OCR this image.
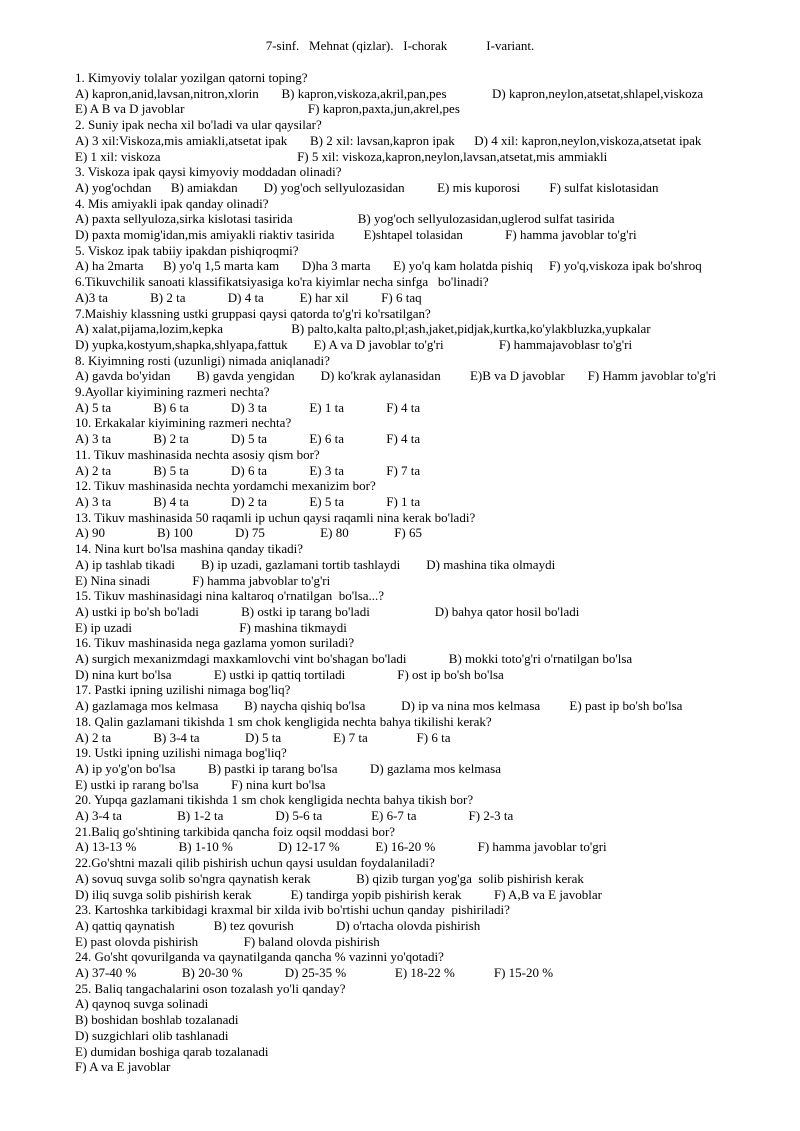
7-sinf.   Mehnat (qizlar).   I-chorak            I-variant.
1. Kimyoviy tolalar yozilgan qatorni toping?
A) kapron,anid,lavsan,nitron,xlorin       B) kapron,viskoza,akril,pan,pes              D) kapron,neylon,atsetat,shlapel,viskoza
E) A B va D javoblar                                      F) kapron,paxta,jun,akrel,pes
2. Suniy ipak necha xil bo'ladi va ular qaysilar?
A) 3 xil:Viskoza,mis amiakli,atsetat ipak       B) 2 xil: lavsan,kapron ipak      D) 4 xil: kapron,neylon,viskoza,atsetat ipak
E) 1 xil: viskoza                                          F) 5 xil: viskoza,kapron,neylon,lavsan,atsetat,mis ammiakli
3. Viskoza ipak qaysi kimyoviy moddadan olinadi?
A) yog'ochdan      B) amiakdan        D) yog'och sellyulozasidan          E) mis kuporosi         F) sulfat kislotasidan
4. Mis amiyakli ipak qanday olinadi?
A) paxta sellyuloza,sirka kislotasi tasirida                    B) yog'och sellyulozasidan,uglerod sulfat tasirida
D) paxta momig'idan,mis amiyakli riaktiv tasirida         E)shtapel tolasidan             F) hamma javoblar to'g'ri
5. Viskoz ipak tabiiy ipakdan pishiqroqmi?
A) ha 2marta      B) yo'q 1,5 marta kam       D)ha 3 marta       E) yo'q kam holatda pishiq     F) yo'q,viskoza ipak bo'shroq
6.Tikuvchilik sanoati klassifikatsiyasiga ko'ra kiyimlar necha sinfga   bo'linadi?
A)3 ta             B) 2 ta             D) 4 ta           E) har xil          F) 6 taq
7.Maishiy klassning ustki gruppasi qaysi qatorda to'g'ri ko'rsatilgan?
A) xalat,pijama,lozim,kepka                     B) palto,kalta palto,pl;ash,jaket,pidjak,kurtka,ko'ylakbluzka,yupkalar
D) yupka,kostyum,shapka,shlyapa,fattuk        E) A va D javoblar to'g'ri                 F) hammajavoblasr to'g'ri
8. Kiyimning rosti (uzunligi) nimada aniqlanadi?
A) gavda bo'yidan        B) gavda yengidan        D) ko'krak aylanasidan         E)B va D javoblar       F) Hamm javoblar to'g'ri
9.Ayollar kiyimining razmeri nechta?
A) 5 ta             B) 6 ta             D) 3 ta             E) 1 ta             F) 4 ta
10. Erkakalar kiyimining razmeri nechta?
A) 3 ta             B) 2 ta             D) 5 ta             E) 6 ta             F) 4 ta
11. Tikuv mashinasida nechta asosiy qism bor?
A) 2 ta             B) 5 ta             D) 6 ta             E) 3 ta             F) 7 ta
12. Tikuv mashinasida nechta yordamchi mexanizim bor?
A) 3 ta             B) 4 ta             D) 2 ta             E) 5 ta             F) 1 ta
13. Tikuv mashinasida 50 raqamli ip uchun qaysi raqamli nina kerak bo'ladi?
A) 90                B) 100             D) 75                 E) 80              F) 65
14. Nina kurt bo'lsa mashina qanday tikadi?
A) ip tashlab tikadi        B) ip uzadi, gazlamani tortib tashlaydi        D) mashina tika olmaydi
E) Nina sinadi             F) hamma jabvoblar to'g'ri
15. Tikuv mashinasidagi nina kaltaroq o'rnatilgan  bo'lsa...?
A) ustki ip bo'sh bo'ladi             B) ostki ip tarang bo'ladi                    D) bahya qator hosil bo'ladi
E) ip uzadi                                 F) mashina tikmaydi
16. Tikuv mashinasida nega gazlama yomon suriladi?
A) surgich mexanizmdagi maxkamlovchi vint bo'shagan bo'ladi             B) mokki toto'g'ri o'rnatilgan bo'lsa
D) nina kurt bo'lsa             E) ustki ip qattiq tortiladi                F) ost ip bo'sh bo'lsa
17. Pastki ipning uzilishi nimaga bog'liq?
A) gazlamaga mos kelmasa        B) naycha qishiq bo'lsa           D) ip va nina mos kelmasa         E) past ip bo'sh bo'lsa
18. Qalin gazlamani tikishda 1 sm chok kengligida nechta bahya tikilishi kerak?
A) 2 ta             B) 3-4 ta              D) 5 ta                E) 7 ta               F) 6 ta
19. Ustki ipning uzilishi nimaga bog'liq?
A) ip yo'g'on bo'lsa          B) pastki ip tarang bo'lsa          D) gazlama mos kelmasa
E) ustki ip rarang bo'lsa          F) nina kurt bo'lsa
20. Yupqa gazlamani tikishda 1 sm chok kengligida nechta bahya tikish bor?
A) 3-4 ta                 B) 1-2 ta                D) 5-6 ta               E) 6-7 ta                F) 2-3 ta
21.Baliq go'shtining tarkibida qancha foiz oqsil moddasi bor?
A) 13-13 %             B) 1-10 %              D) 12-17 %           E) 16-20 %             F) hamma javoblar to'gri
22.Go'shtni mazali qilib pishirish uchun qaysi usuldan foydalaniladi?
A) sovuq suvga solib so'ngra qaynatish kerak              B) qizib turgan yog'ga  solib pishirish kerak
D) iliq suvga solib pishirish kerak            E) tandirga yopib pishirish kerak          F) A,B va E javoblar
23. Kartoshka tarkibidagi kraxmal bir xilda ivib bo'rtishi uchun qanday  pishiriladi?
A) qattiq qaynatish            B) tez qovurish             D) o'rtacha olovda pishirish
E) past olovda pishirish              F) baland olovda pishirish
24. Go'sht qovurilganda va qaynatilganda qancha % vazinni yo'qotadi?
A) 37-40 %              B) 20-30 %             D) 25-35 %               E) 18-22 %            F) 15-20 %
25. Baliq tangachalarini oson tozalash yo'li qanday?
A) qaynoq suvga solinadi
B) boshidan boshlab tozalanadi
D) suzgichlari olib tashlanadi
E) dumidan boshiga qarab tozalanadi
F) A va E javoblar
